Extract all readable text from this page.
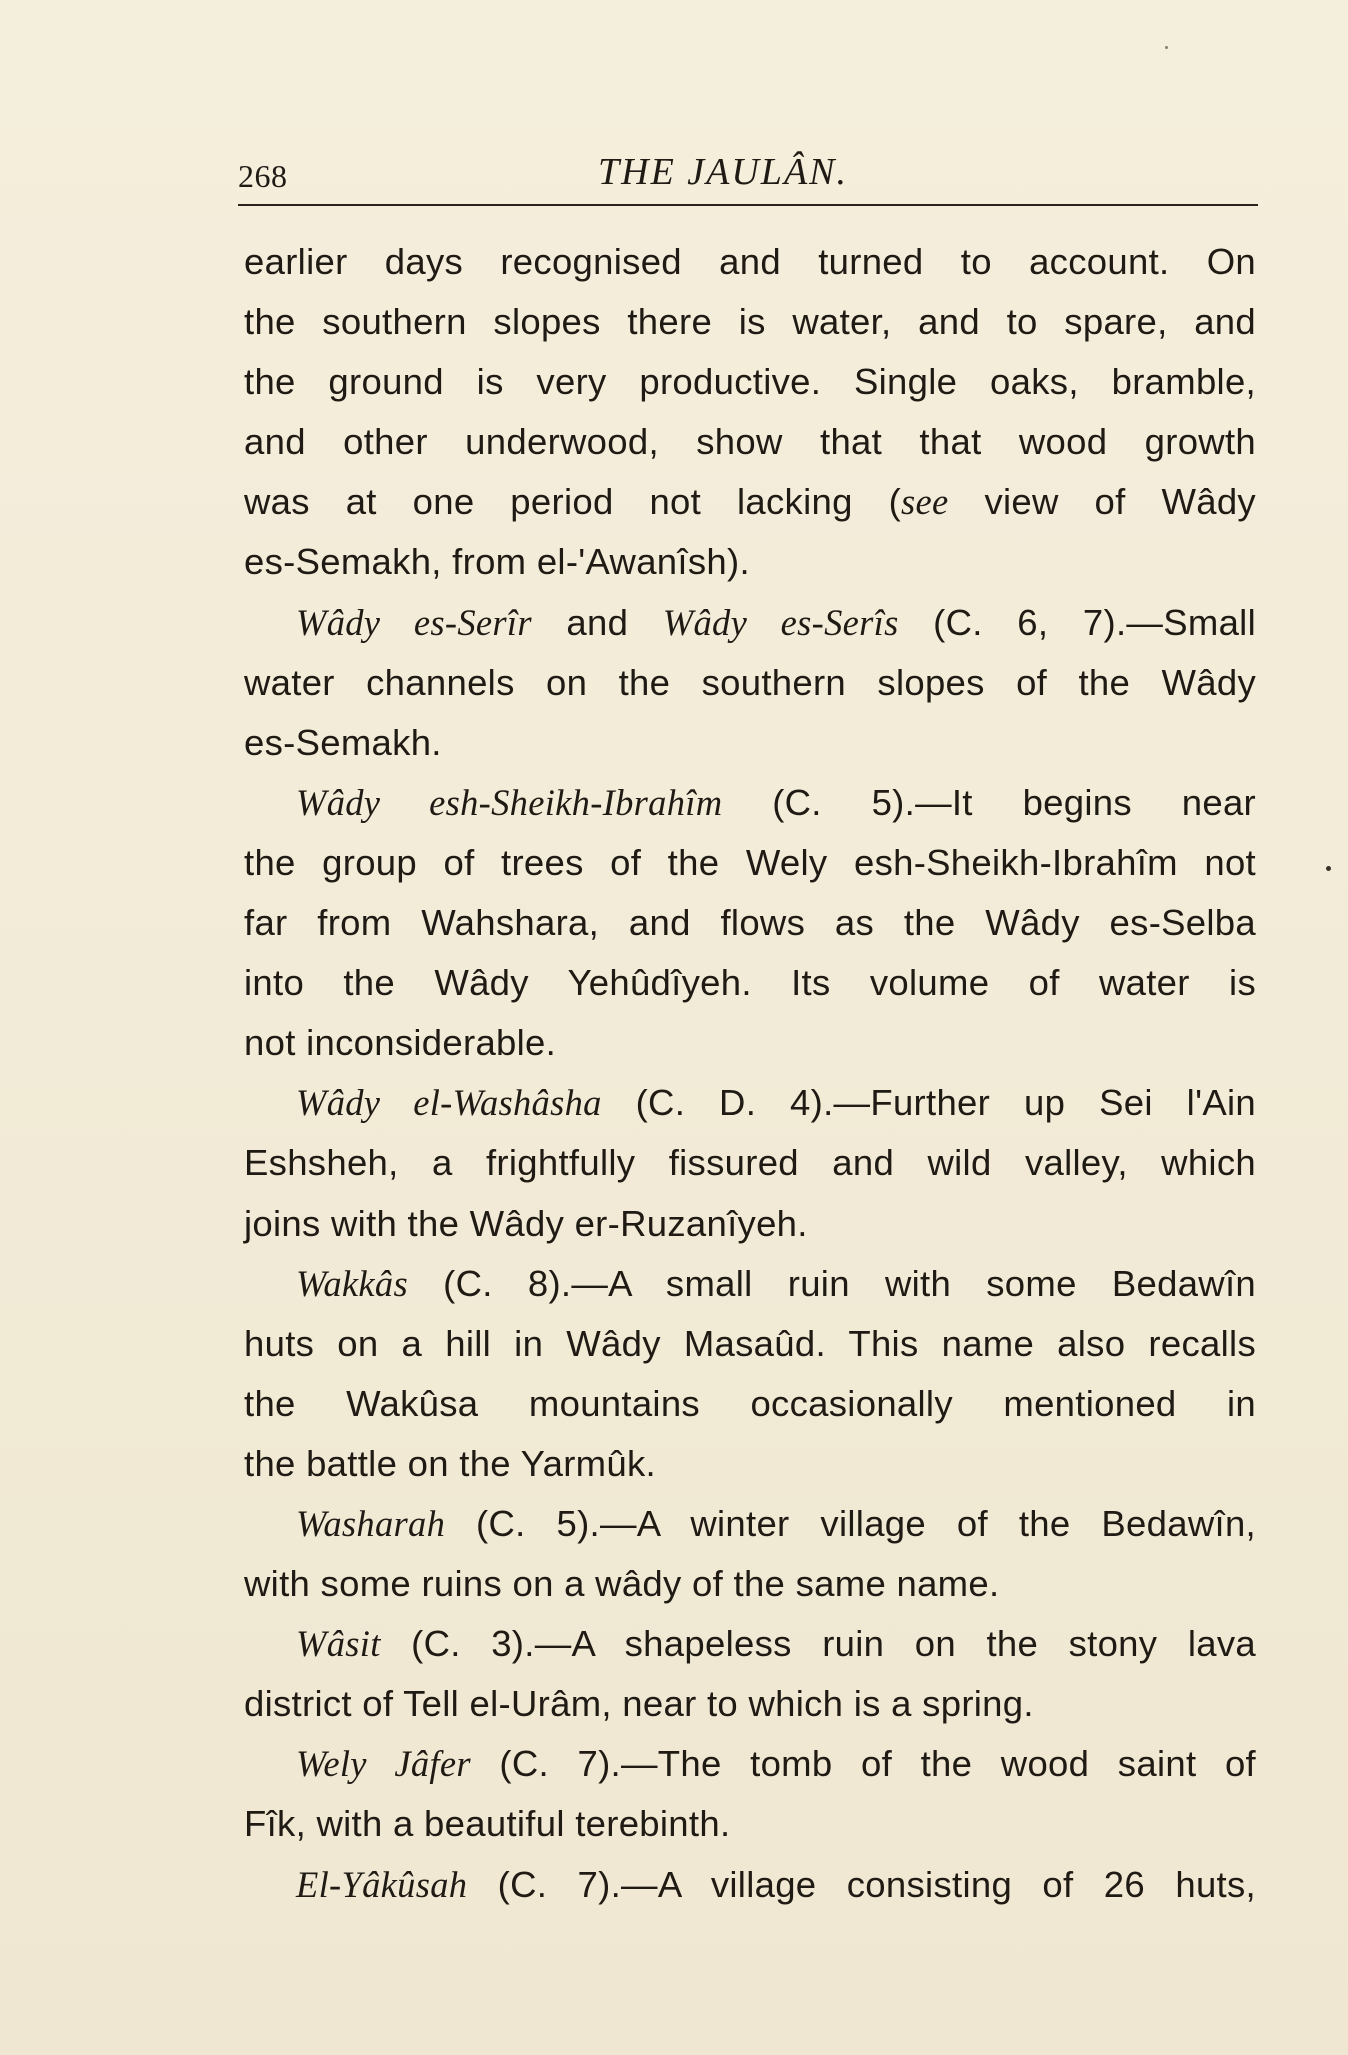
268	THE JAULÂN.
earlier days recognised and turned to account. On
the southern slopes there is water, and to spare, and
the ground is very productive. Single oaks, bramble,
and other underwood, show that that wood growth
was at one period not lacking (see view of Wâdy
es-Semakh, from el-'Awanîsh).
Wâdy es-Serîr and Wâdy es-Serîs (C. 6, 7).—Small
water channels on the southern slopes of the Wâdy
es-Semakh.
Wâdy esh-Sheikh-Ibrahîm (C. 5).—It begins near
the group of trees of the Wely esh-Sheikh-Ibrahîm not
far from Wahshara, and flows as the Wâdy es-Selba
into the Wâdy Yehûdîyeh. Its volume of water is
not inconsiderable.
Wâdy el-Washâsha (C. D. 4).—Further up Sei l'Ain
Eshsheh, a frightfully fissured and wild valley, which
joins with the Wâdy er-Ruzanîyeh.
Wakkâs (C. 8).—A small ruin with some Bedawîn
huts on a hill in Wâdy Masaûd. This name also recalls
the Wakûsa mountains occasionally mentioned in
the battle on the Yarmûk.
Washarah (C. 5).—A winter village of the Bedawîn,
with some ruins on a wâdy of the same name.
Wâsit (C. 3).—A shapeless ruin on the stony lava
district of Tell el-Urâm, near to which is a spring.
Wely Jâfer (C. 7).—The tomb of the wood saint of
Fîk, with a beautiful terebinth.
El-Yâkûsah (C. 7).—A village consisting of 26 huts,
